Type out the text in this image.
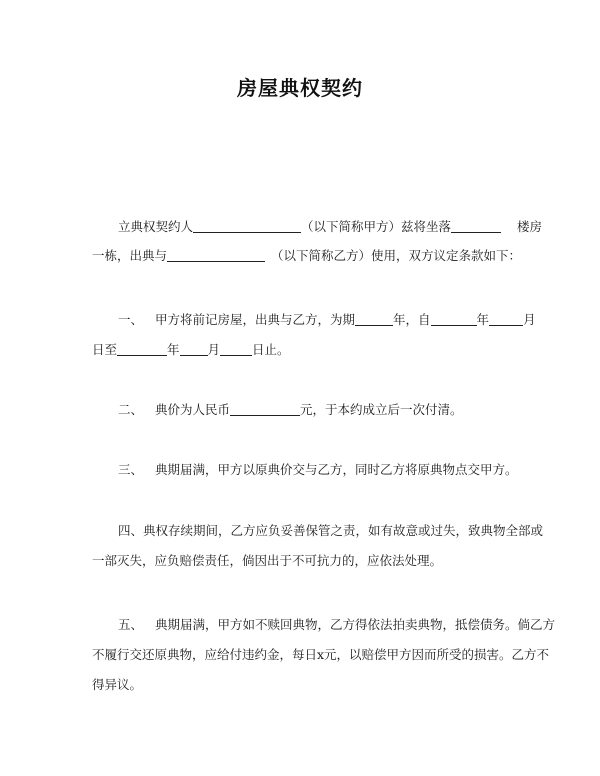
房屋典权契约
立典权契约人	（以下简称甲方）兹将坐落	楼房
一栋，出典与	（以下简称乙方）使用，双方议定条款如下：
一、 甲方将前记房屋，出典与乙方，为期	年，自	年	月
日至	年 月	日止。
二、 典价为人民币	元，于本约成立后一次付清。
三、 典期届满，甲方以原典价交与乙方，同时乙方将原典物点交甲方。
四、典权存续期间，乙方应负妥善保管之责，如有故意或过失，致典物全部或
一部灭失，应负赔偿责任，倘因出于不可抗力的，应依法处理。
五、 典期届满，甲方如不赎回典物，乙方得依法拍卖典物，抵偿债务。倘乙方
不履行交还原典物，应给付违约金，每日x元，以赔偿甲方因而所受的损害。乙方不
得异议。
